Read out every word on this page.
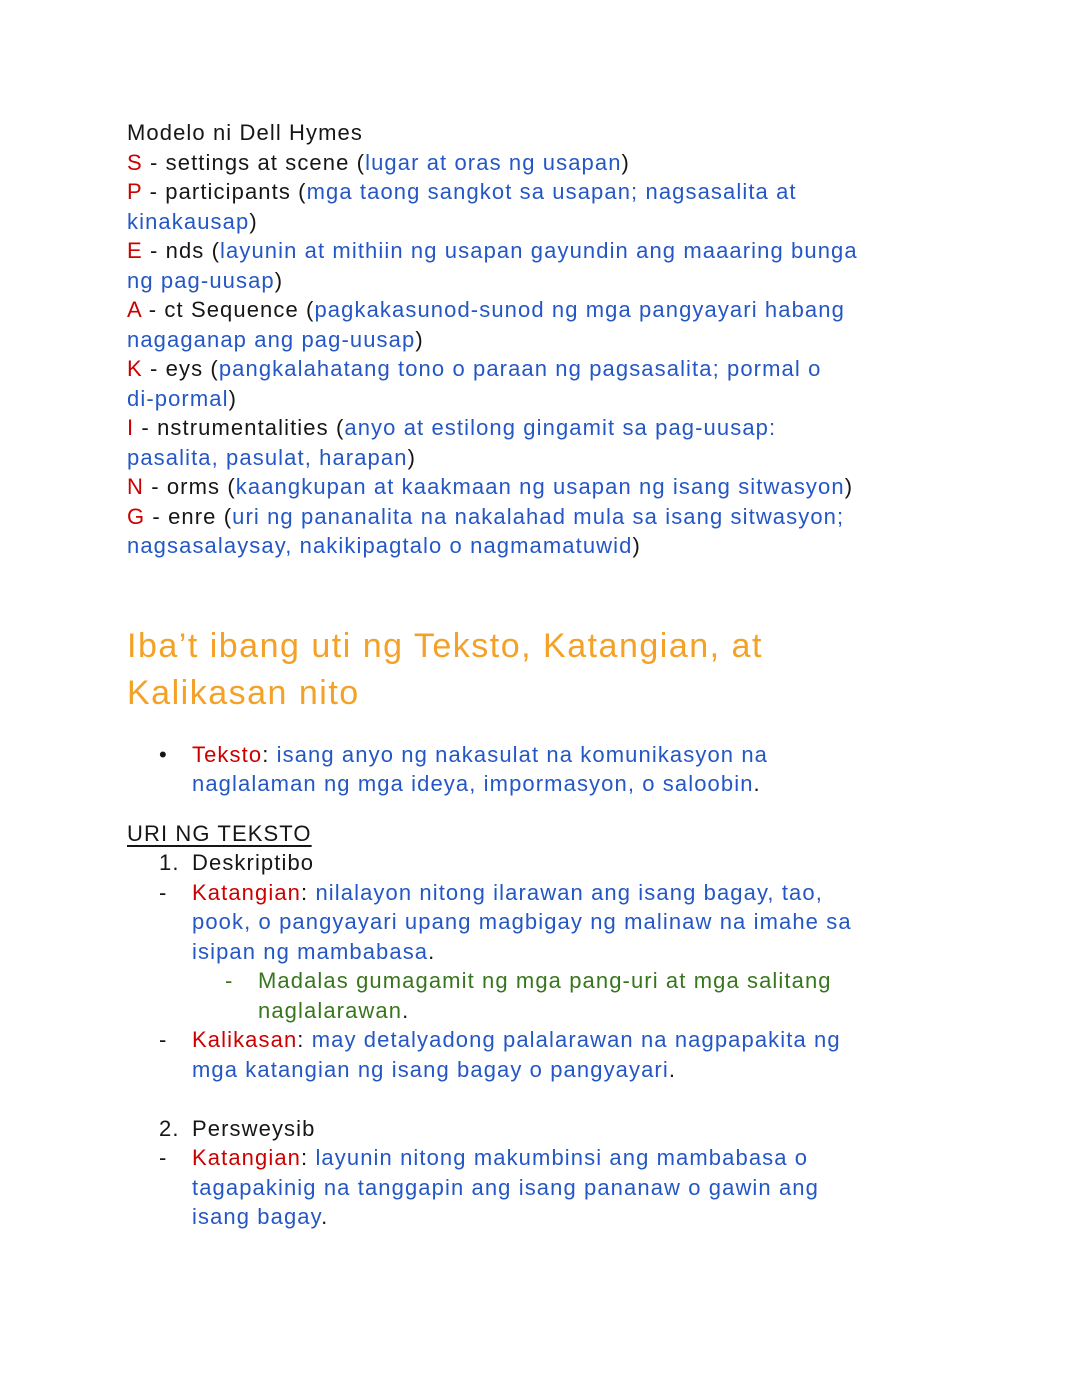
Modelo ni Dell Hymes
S - settings at scene (lugar at oras ng usapan)
P - participants (mga taong sangkot sa usapan; nagsasalita at
kinakausap)
E - nds (layunin at mithiin ng usapan gayundin ang maaaring bunga
ng pag-uusap)
A - ct Sequence (pagkakasunod-sunod ng mga pangyayari habang
nagaganap ang pag-uusap)
K - eys (pangkalahatang tono o paraan ng pagsasalita; pormal o
di-pormal)
I - nstrumentalities (anyo at estilong gingamit sa pag-uusap:
pasalita, pasulat, harapan)
N - orms (kaangkupan at kaakmaan ng usapan ng isang sitwasyon)
G - enre (uri ng pananalita na nakalahad mula sa isang sitwasyon;
nagsasalaysay, nakikipagtalo o nagmamatuwid)
Iba’t ibang uti ng Teksto, Katangian, at
Kalikasan nito
• Teksto: isang anyo ng nakasulat na komunikasyon na
naglalaman ng mga ideya, impormasyon, o saloobin.
URI NG TEKSTO
1. Deskriptibo
- Katangian: nilalayon nitong ilarawan ang isang bagay, tao,
pook, o pangyayari upang magbigay ng malinaw na imahe sa
isipan ng mambabasa.
- Madalas gumagamit ng mga pang-uri at mga salitang
naglalarawan.
- Kalikasan: may detalyadong palalarawan na nagpapakita ng
mga katangian ng isang bagay o pangyayari.
2. Persweysib
- Katangian: layunin nitong makumbinsi ang mambabasa o
tagapakinig na tanggapin ang isang pananaw o gawin ang
isang bagay.
